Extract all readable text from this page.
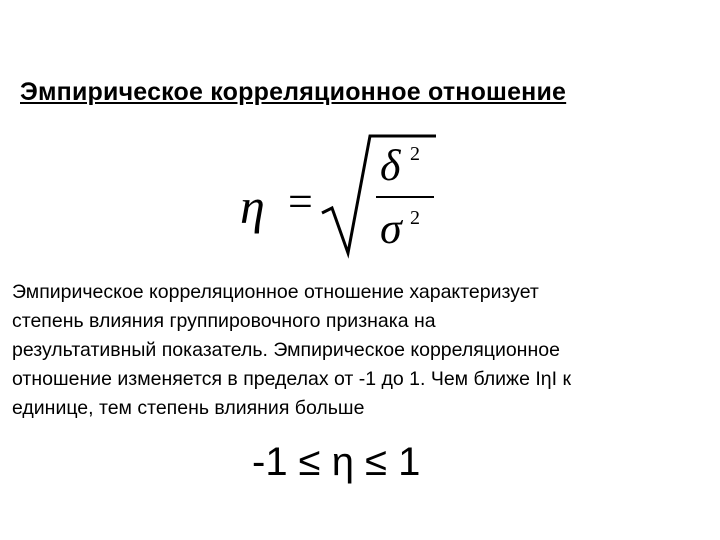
Эмпирическое корреляционное отношение
η =
δ 2
σ 2
Эмпирическое корреляционное отношение характеризует
степень влияния группировочного признака на
результативный показатель. Эмпирическое корреляционное
отношение изменяется в пределах от -1 до 1. Чем ближе IηI к
единице, тем степень влияния больше
-1 ≤ η ≤ 1
